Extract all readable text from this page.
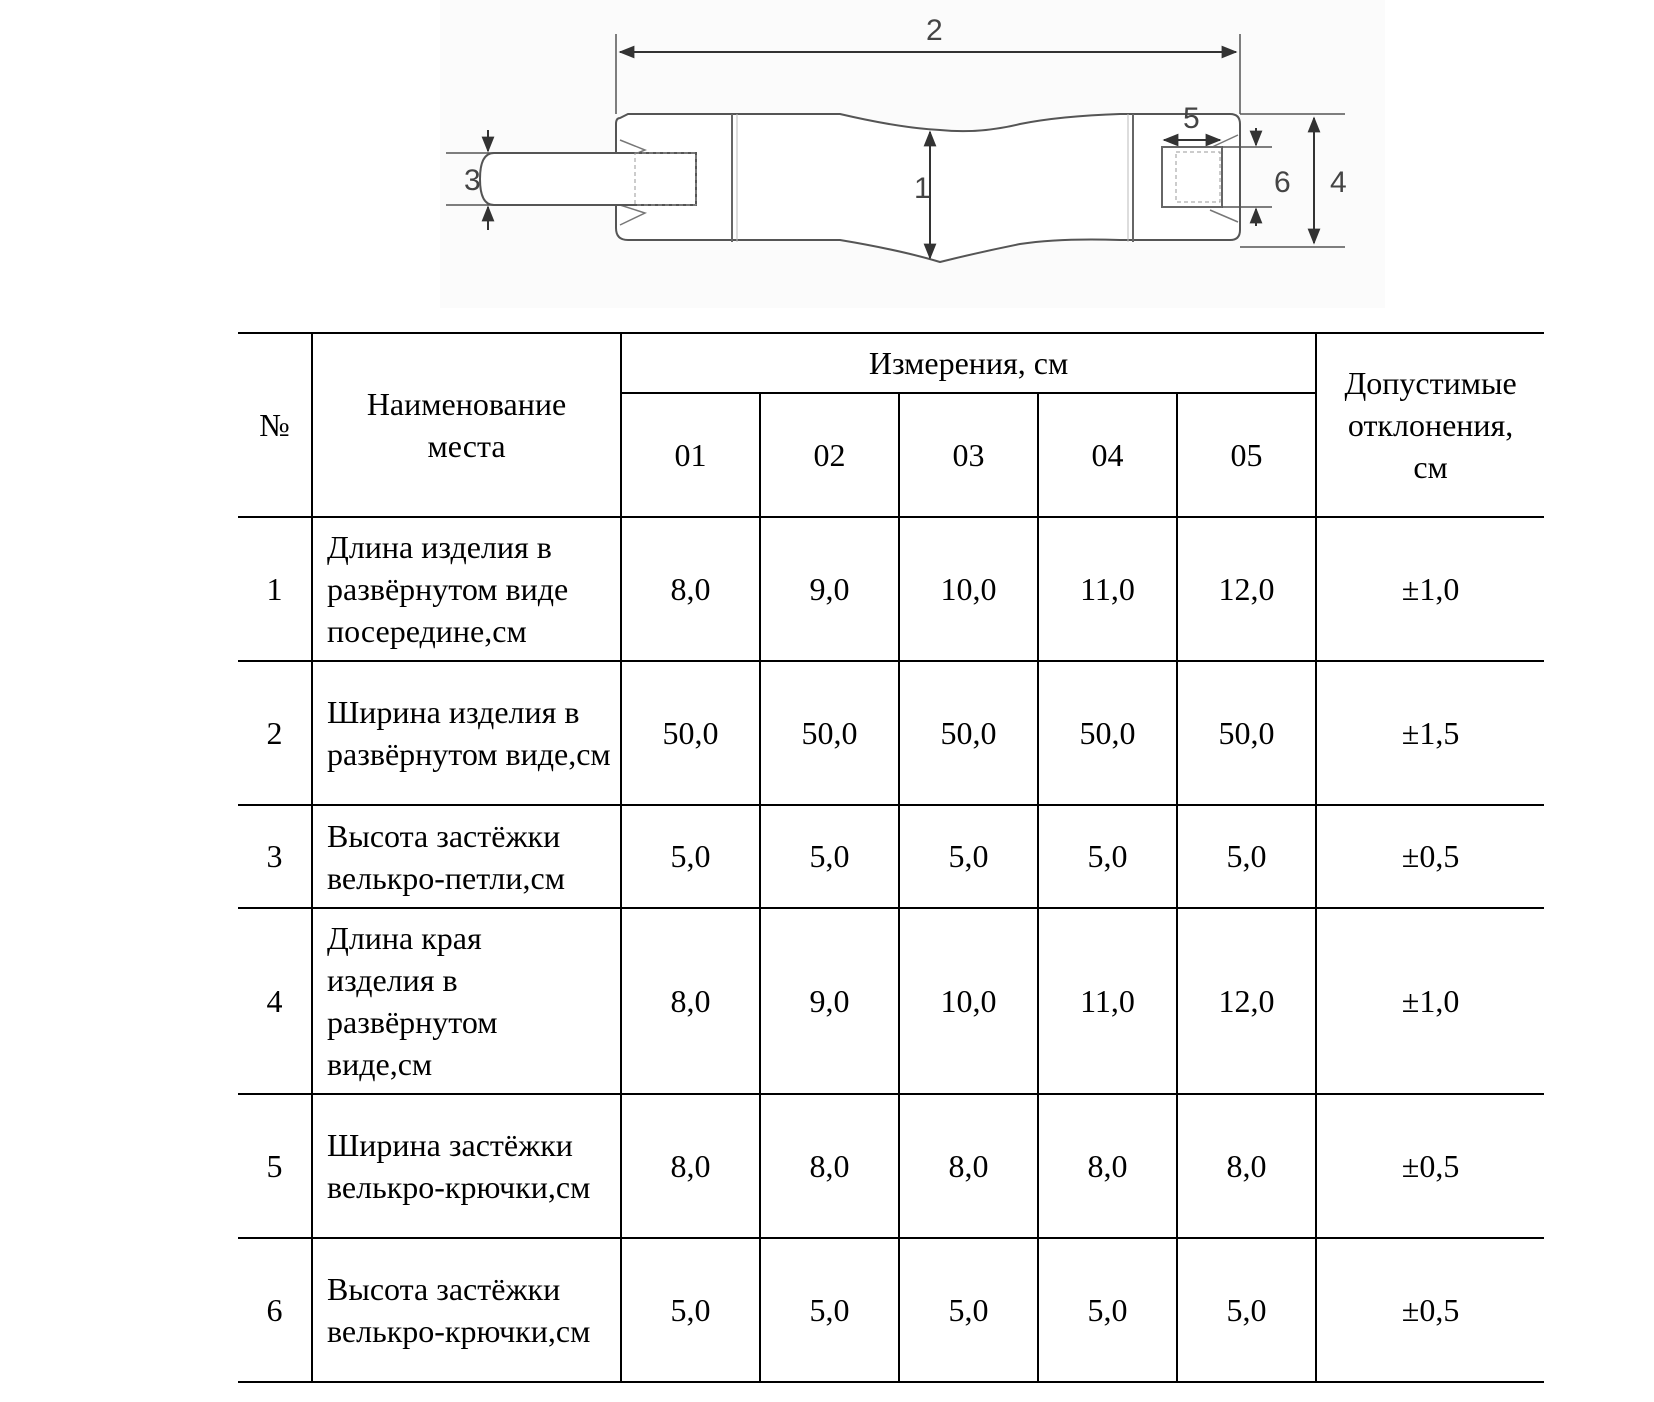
2
1
3
5
6 4
№	Наименование места	Измерения, см					Допустимые отклонения, см
		01	02	03	04	05	
1	Длина изделия в развёрнутом виде посередине,см	8,0	9,0	10,0	11,0	12,0	±1,0
2	Ширина изделия в развёрнутом виде,см	50,0	50,0	50,0	50,0	50,0	±1,5
3	Высота застёжки велькро-петли,см	5,0	5,0	5,0	5,0	5,0	±0,5
4	Длина края изделия в развёрнутом виде,см	8,0	9,0	10,0	11,0	12,0	±1,0
5	Ширина застёжки велькро-крючки,см	8,0	8,0	8,0	8,0	8,0	±0,5
6	Высота застёжки велькро-крючки,см	5,0	5,0	5,0	5,0	5,0	±0,5
